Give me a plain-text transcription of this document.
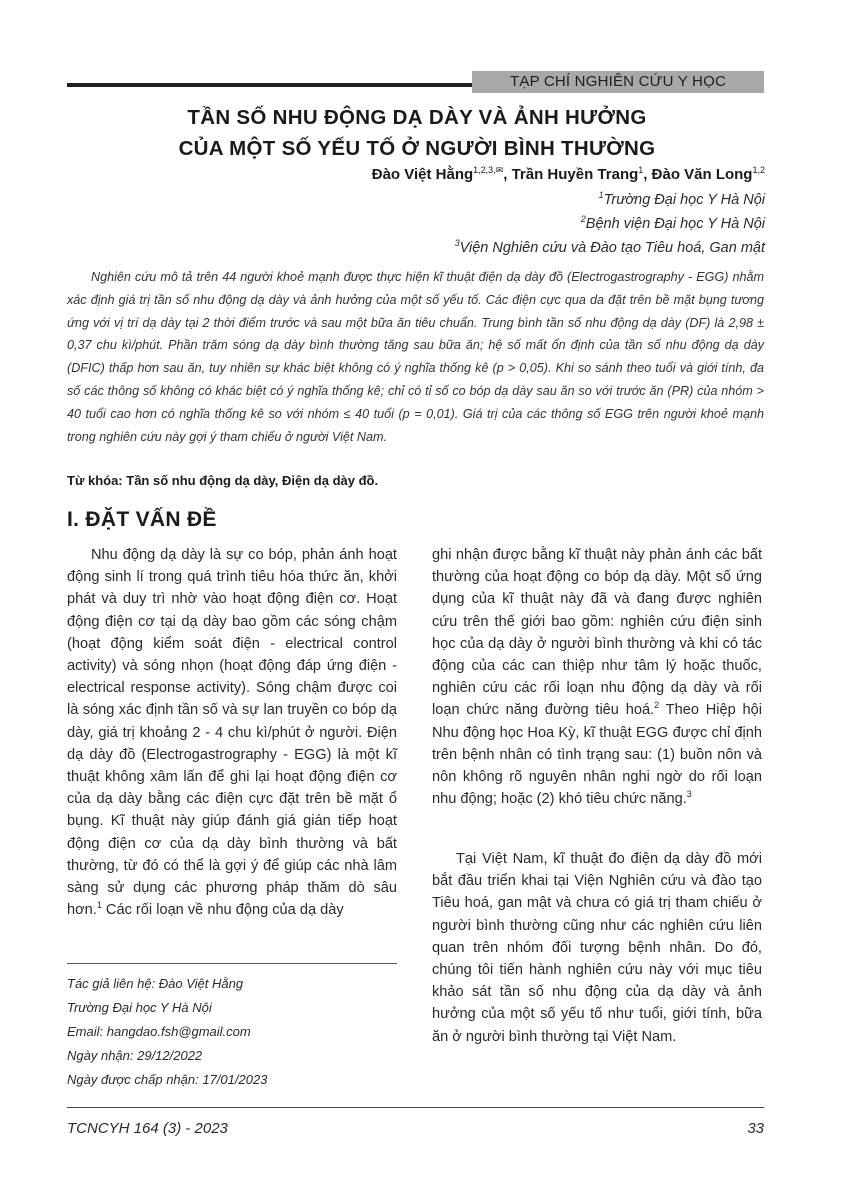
TẠP CHÍ NGHIÊN CỨU Y HỌC
TẦN SỐ NHU ĐỘNG DẠ DÀY VÀ ẢNH HƯỞNG
CỦA MỘT SỐ YẾU TỐ Ở NGƯỜI BÌNH THƯỜNG
Đào Việt Hằng$^{1,2,3,✉}$, Trần Huyền Trang$^1$, Đào Văn Long$^{1,2}$
$^1$Trường Đại học Y Hà Nội
$^2$Bệnh viện Đại học Y Hà Nội
$^3$Viện Nghiên cứu và Đào tạo Tiêu hoá, Gan mật

Nghiên cứu mô tả trên 44 người khoẻ mạnh được thực hiện kĩ thuật điện dạ dày đồ (Electrogastrography - EGG) nhằm xác định giá trị tần số nhu động dạ dày và ảnh hưởng của một số yếu tố. Các điện cực qua da đặt trên bề mặt bụng tương ứng với vị trí dạ dày tại 2 thời điểm trước và sau một bữa ăn tiêu chuẩn. Trung bình tần số nhu động dạ dày (DF) là 2,98 ± 0,37 chu kì/phút. Phần trăm sóng dạ dày bình thường tăng sau bữa ăn; hệ số mất ổn định của tần số nhu động dạ dày (DFIC) thấp hơn sau ăn, tuy nhiên sự khác biệt không có ý nghĩa thống kê (p > 0,05). Khi so sánh theo tuổi và giới tính, đa số các thông số không có khác biệt có ý nghĩa thống kê; chỉ có tỉ số co bóp dạ dày sau ăn so với trước ăn (PR) của nhóm > 40 tuổi cao hơn có nghĩa thống kê so với nhóm ≤ 40 tuổi (p = 0,01). Giá trị của các thông số EGG trên người khoẻ mạnh trong nghiên cứu này gợi ý tham chiếu ở người Việt Nam.

Từ khóa: Tần số nhu động dạ dày, Điện dạ dày đồ.
I. ĐẶT VẤN ĐỀ

Nhu động dạ dày là sự co bóp, phản ánh hoạt động sinh lí trong quá trình tiêu hóa thức ăn, khởi phát và duy trì nhờ vào hoạt động điện cơ. Hoạt động điện cơ tại dạ dày bao gồm các sóng chậm (hoạt động kiểm soát điện - electrical control activity) và sóng nhọn (hoạt động đáp ứng điện - electrical response activity). Sóng chậm được coi là sóng xác định tần số và sự lan truyền co bóp dạ dày, giá trị khoảng 2 - 4 chu kì/phút ở người. Điện dạ dày đồ (Electrogastrography - EGG) là một kĩ thuật không xâm lấn để ghi lại hoạt động điện cơ của dạ dày bằng các điện cực đặt trên bề mặt ổ bụng. Kĩ thuật này giúp đánh giá gián tiếp hoạt động điện cơ của dạ dày bình thường và bất thường, từ đó có thể là gợi ý để giúp các nhà lâm sàng sử dụng các phương pháp thăm dò sâu hơn.$^1$ Các rối loạn về nhu động của dạ dày

ghi nhận được bằng kĩ thuật này phản ánh các bất thường của hoạt động co bóp dạ dày. Một số ứng dụng của kĩ thuật này đã và đang được nghiên cứu trên thế giới bao gồm: nghiên cứu điện sinh học của dạ dày ở người bình thường và khi có tác động của các can thiệp như tâm lý hoặc thuốc, nghiên cứu các rối loạn nhu động dạ dày và rối loạn chức năng đường tiêu hoá.$^2$ Theo Hiệp hội Nhu động học Hoa Kỳ, kĩ thuật EGG được chỉ định trên bệnh nhân có tình trạng sau: (1) buồn nôn và nôn không rõ nguyên nhân nghi ngờ do rối loạn nhu động; hoặc (2) khó tiêu chức năng.$^3$

Tại Việt Nam, kĩ thuật đo điện dạ dày đồ mới bắt đầu triển khai tại Viện Nghiên cứu và đào tạo Tiêu hoá, gan mật và chưa có giá trị tham chiếu ở người bình thường cũng như các nghiên cứu liên quan trên nhóm đối tượng bệnh nhân. Do đó, chúng tôi tiến hành nghiên cứu này với mục tiêu khảo sát tần số nhu động của dạ dày và ảnh hưởng của một số yếu tố như tuổi, giới tính, bữa ăn ở người bình thường tại Việt Nam.

Tác giả liên hệ: Đào Việt Hằng
Trường Đại học Y Hà Nội
Email: hangdao.fsh@gmail.com
Ngày nhận: 29/12/2022
Ngày được chấp nhận: 17/01/2023
TCNCYH 164 (3) - 2023	33
